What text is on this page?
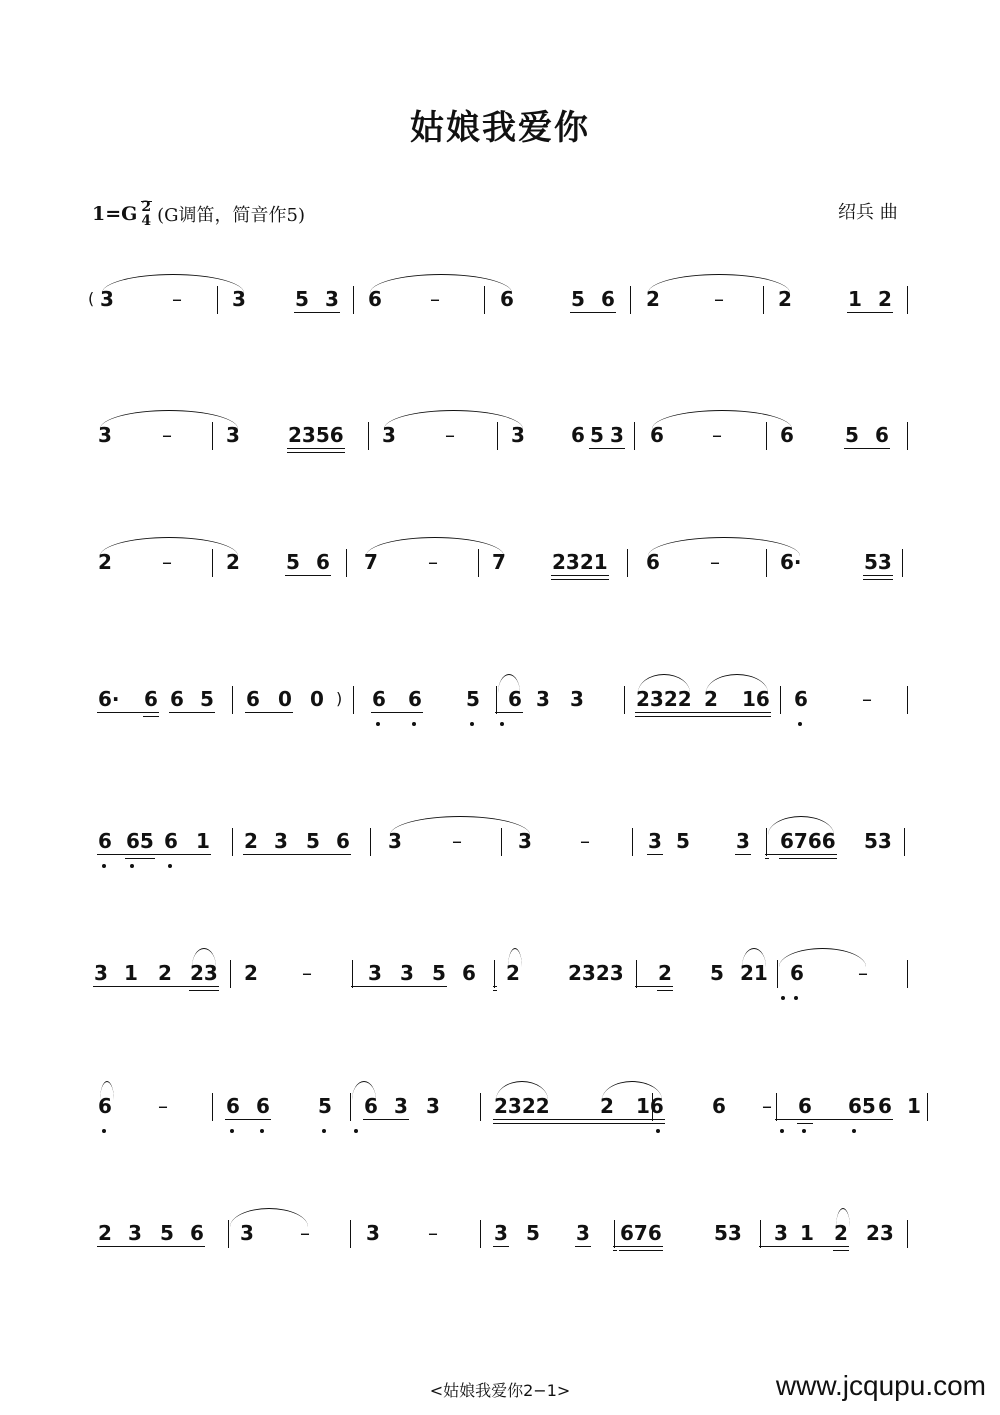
姑娘我爱你
1=G 2
4 (G调笛，简音作5)	绍兵 曲
( 3	–	3 5 3 6 –	6	5 6 2	–	2	1 2
3	–	3 2356 3 –	3 6 5 3 6 –	6	5 6
2	–	2 5 6 7	–	7 2321 6	–	6·	53
6· 6 6 5 6 0 0 ) 6 6 5 6 3 3	2322 2 16 6	–
6 65 6 1 2 3 5 6 3	–	3 –	3 5 3 6766 53
3 1 2 23 2 –	3 3 5 6 2 2323 2 5 21 6	–
6 –	6 6 5 6 3 3	2322	2 16 6 – 6 65 6 1
2 3 5 6 3 –	3 –	3 5 3 676	53 3 1 2 23
<姑娘我爱你2−1>	www.jcqupu.com
